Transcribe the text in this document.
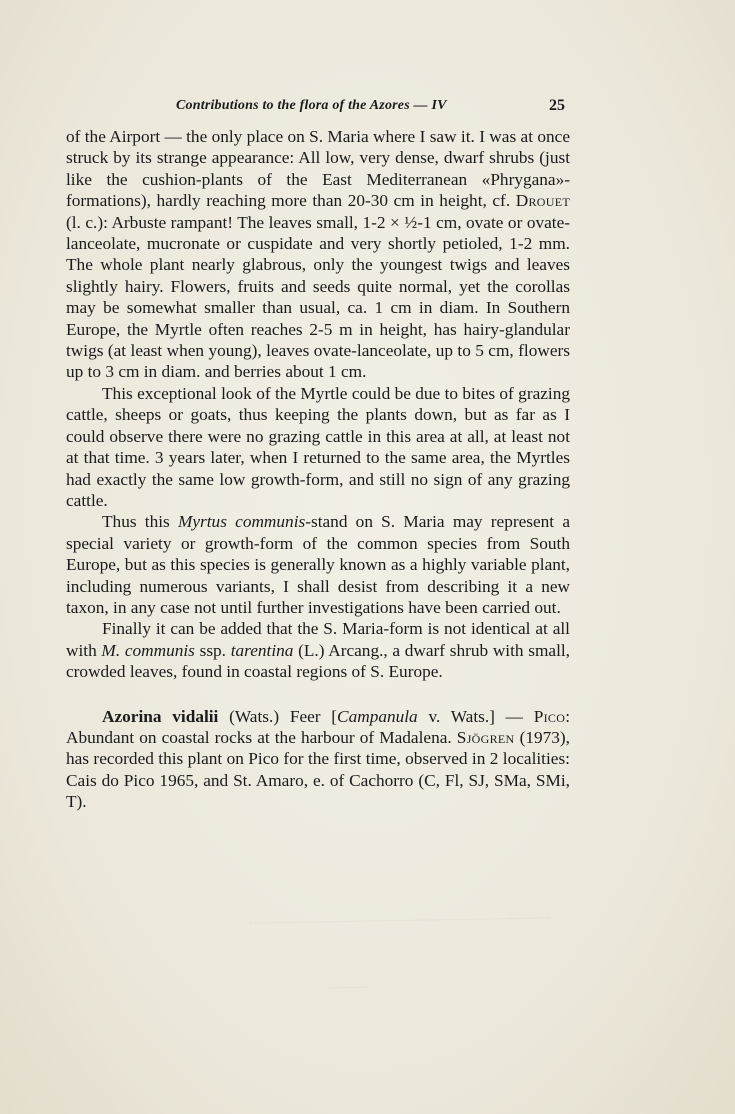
Contributions to the flora of the Azores — IV	25

of the Airport — the only place on S. Maria where I saw it. I was at once struck by its strange appearance: All low, very dense, dwarf shrubs (just like the cushion-plants of the East Mediterranean «Phrygana»-formations), hardly reaching more than 20-30 cm in height, cf. Drouet (l. c.): Arbuste rampant! The leaves small, 1-2 × ½-1 cm, ovate or ovate-lanceolate, mucronate or cuspidate and very shortly petioled, 1-2 mm. The whole plant nearly glabrous, only the youngest twigs and leaves slightly hairy. Flowers, fruits and seeds quite normal, yet the corollas may be somewhat smaller than usual, ca. 1 cm in diam. In Southern Europe, the Myrtle often reaches 2-5 m in height, has hairy-glandular twigs (at least when young), leaves ovate-lanceolate, up to 5 cm, flowers up to 3 cm in diam. and berries about 1 cm.

This exceptional look of the Myrtle could be due to bites of grazing cattle, sheeps or goats, thus keeping the plants down, but as far as I could observe there were no grazing cattle in this area at all, at least not at that time. 3 years later, when I returned to the same area, the Myrtles had exactly the same low growth-form, and still no sign of any grazing cattle.

Thus this Myrtus communis-stand on S. Maria may represent a special variety or growth-form of the common species from South Europe, but as this species is generally known as a highly variable plant, including numerous variants, I shall desist from describing it a new taxon, in any case not until further investigations have been carried out.

Finally it can be added that the S. Maria-form is not identical at all with M. communis ssp. tarentina (L.) Arcang., a dwarf shrub with small, crowded leaves, found in coastal regions of S. Europe.

Azorina vidalii (Wats.) Feer [Campanula v. Wats.] — Pico: Abundant on coastal rocks at the harbour of Madalena. Sjögren (1973), has recorded this plant on Pico for the first time, observed in 2 localities: Cais do Pico 1965, and St. Amaro, e. of Cachorro (C, Fl, SJ, SMa, SMi, T).
